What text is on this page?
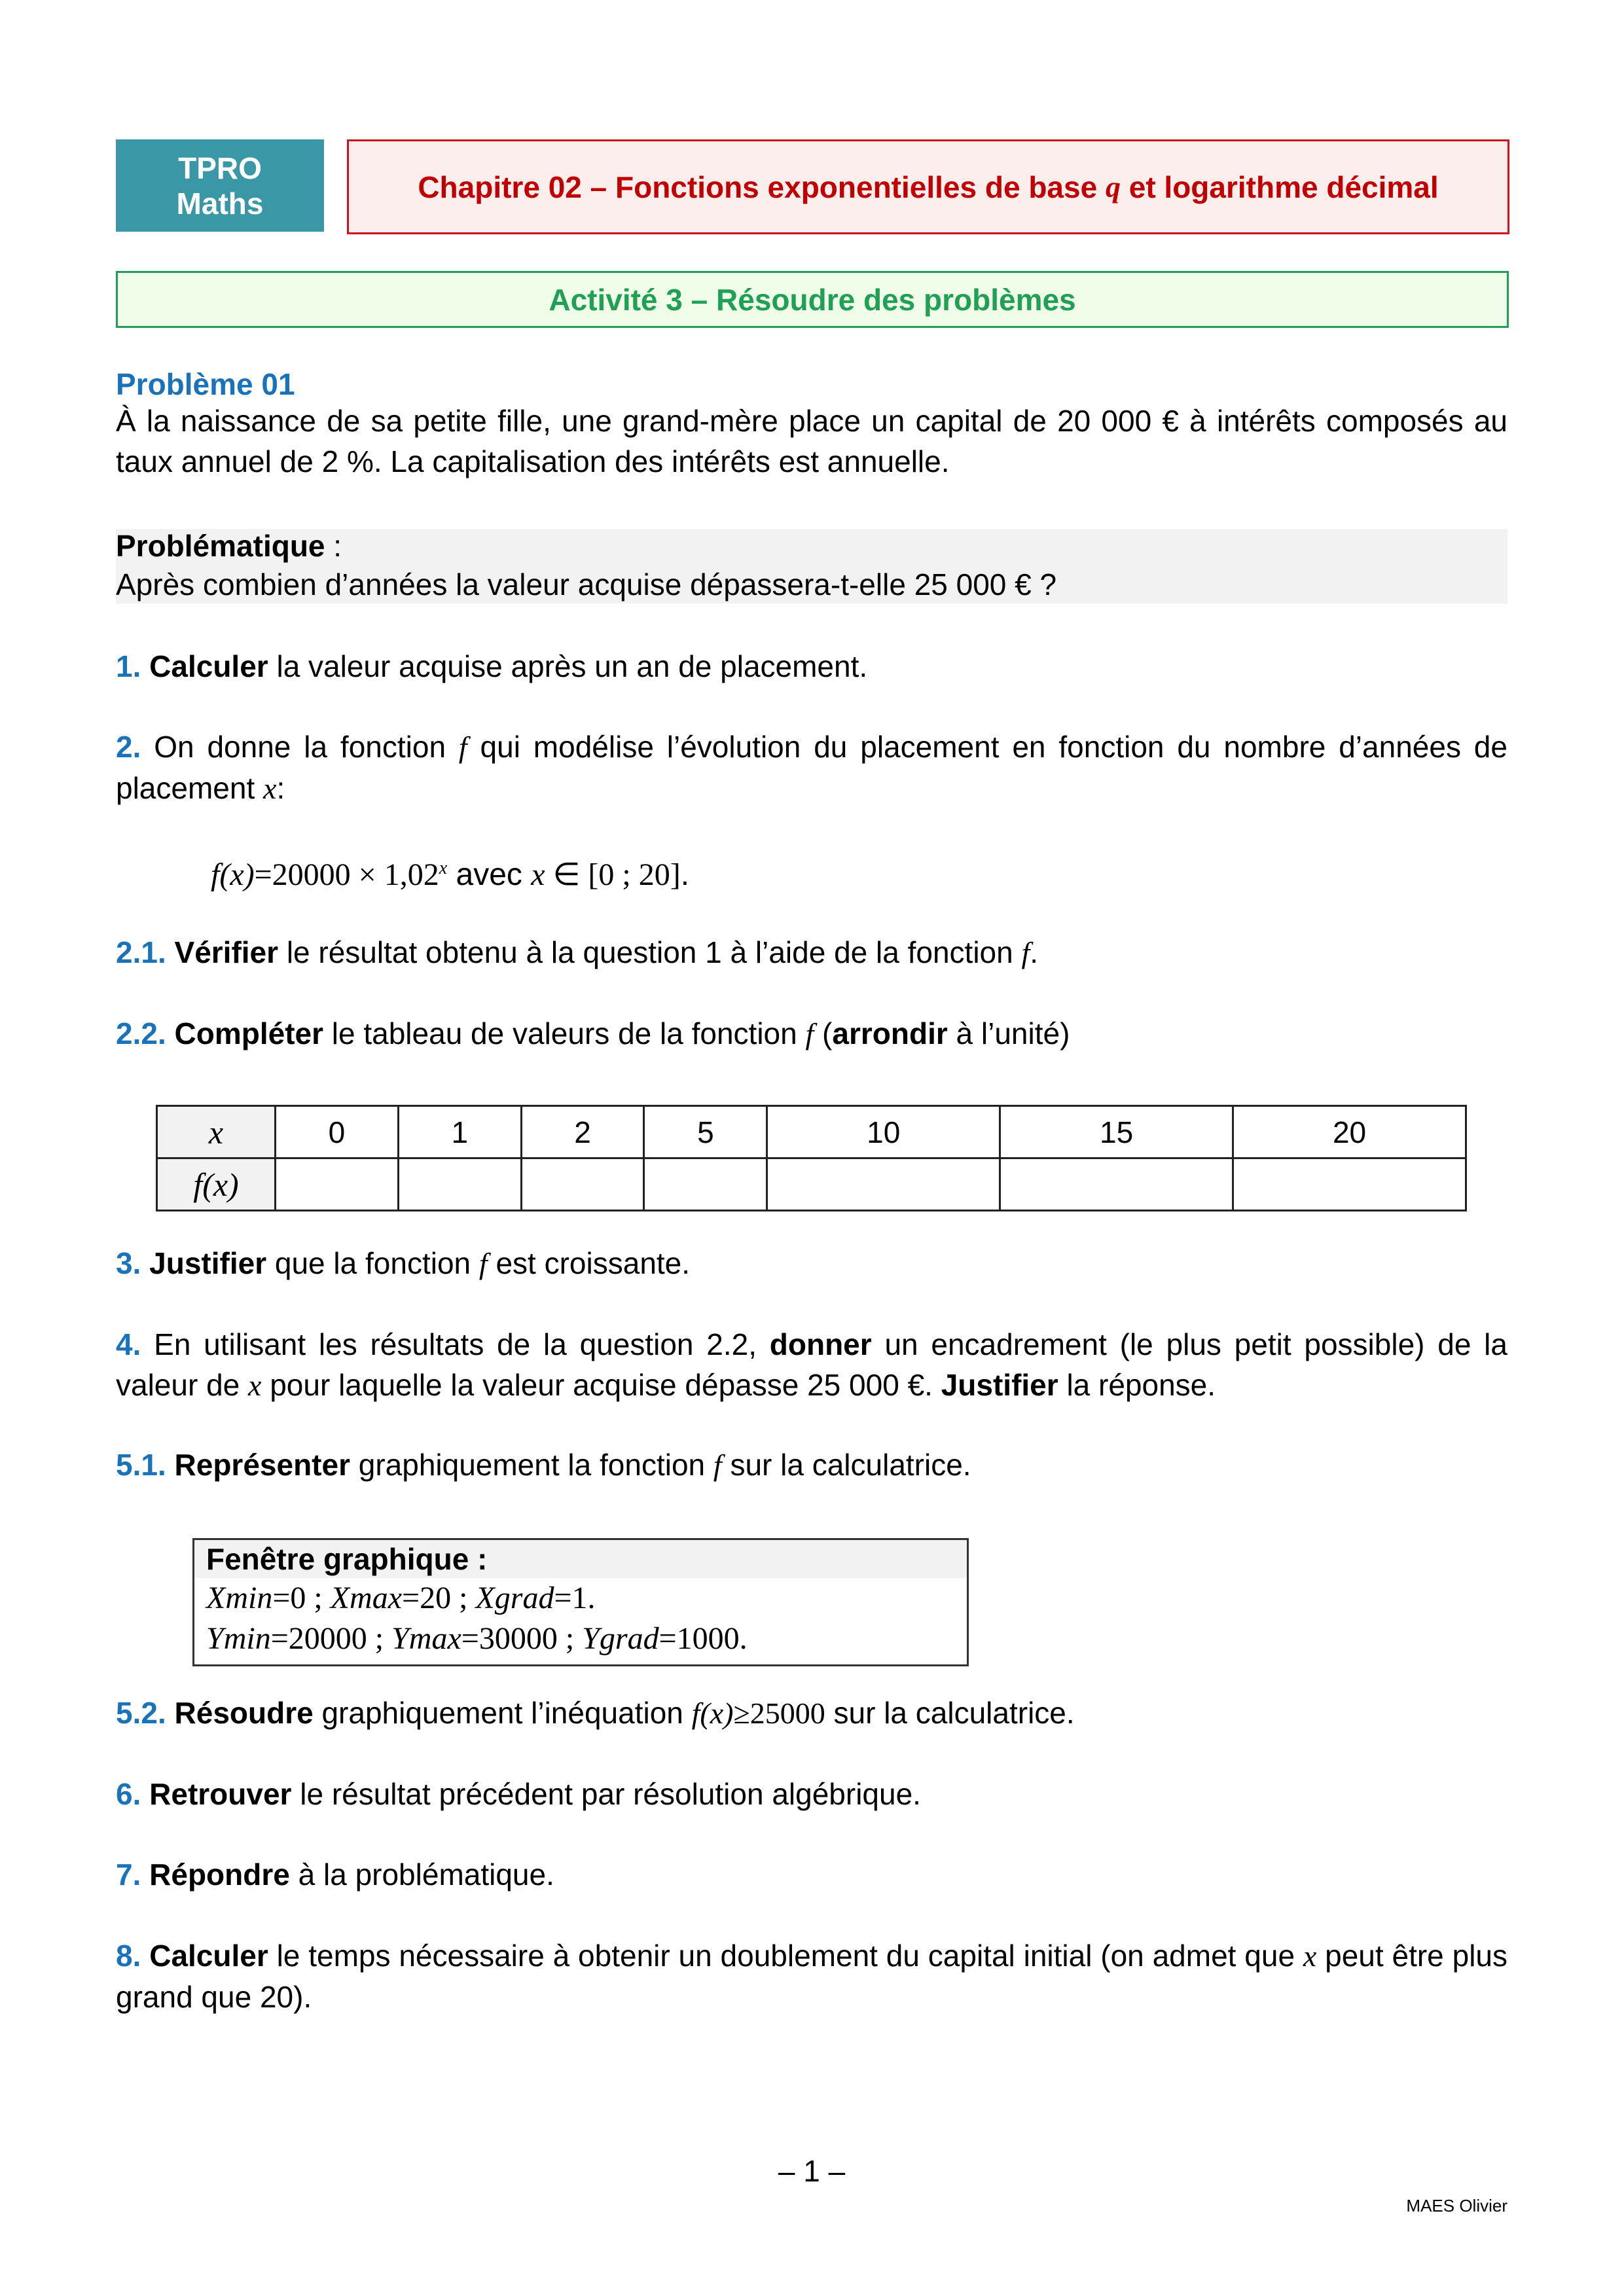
TPRO
Maths	Chapitre 02 – Fonctions exponentielles de base q et logarithme décimal
Activité 3 – Résoudre des problèmes
Problème 01
À la naissance de sa petite fille, une grand-mère place un capital de 20 000 € à intérêts composés au taux annuel de 2 %. La capitalisation des intérêts est annuelle.
Problématique :
Après combien d’années la valeur acquise dépassera-t-elle 25 000 € ?
1. Calculer la valeur acquise après un an de placement.
2. On donne la fonction f qui modélise l’évolution du placement en fonction du nombre d’années de placement x:
$f(x)=20000 \times 1,02^x$ avec x ∈ [0 ; 20].
2.1. Vérifier le résultat obtenu à la question 1 à l’aide de la fonction f.
2.2. Compléter le tableau de valeurs de la fonction f (arrondir à l’unité)
x	0	1	2	5	10	15	20
f(x)							
3. Justifier que la fonction f est croissante.
4. En utilisant les résultats de la question 2.2, donner un encadrement (le plus petit possible) de la valeur de x pour laquelle la valeur acquise dépasse 25 000 €. Justifier la réponse.
5.1. Représenter graphiquement la fonction f sur la calculatrice.
Fenêtre graphique :
Xmin=0 ; Xmax=20 ; Xgrad=1.
Ymin=20000 ; Ymax=30000 ; Ygrad=1000.
5.2. Résoudre graphiquement l’inéquation f(x)≥25000 sur la calculatrice.
6. Retrouver le résultat précédent par résolution algébrique.
7. Répondre à la problématique.
8. Calculer le temps nécessaire à obtenir un doublement du capital initial (on admet que x peut être plus grand que 20).
– 1 –
MAES Olivier
